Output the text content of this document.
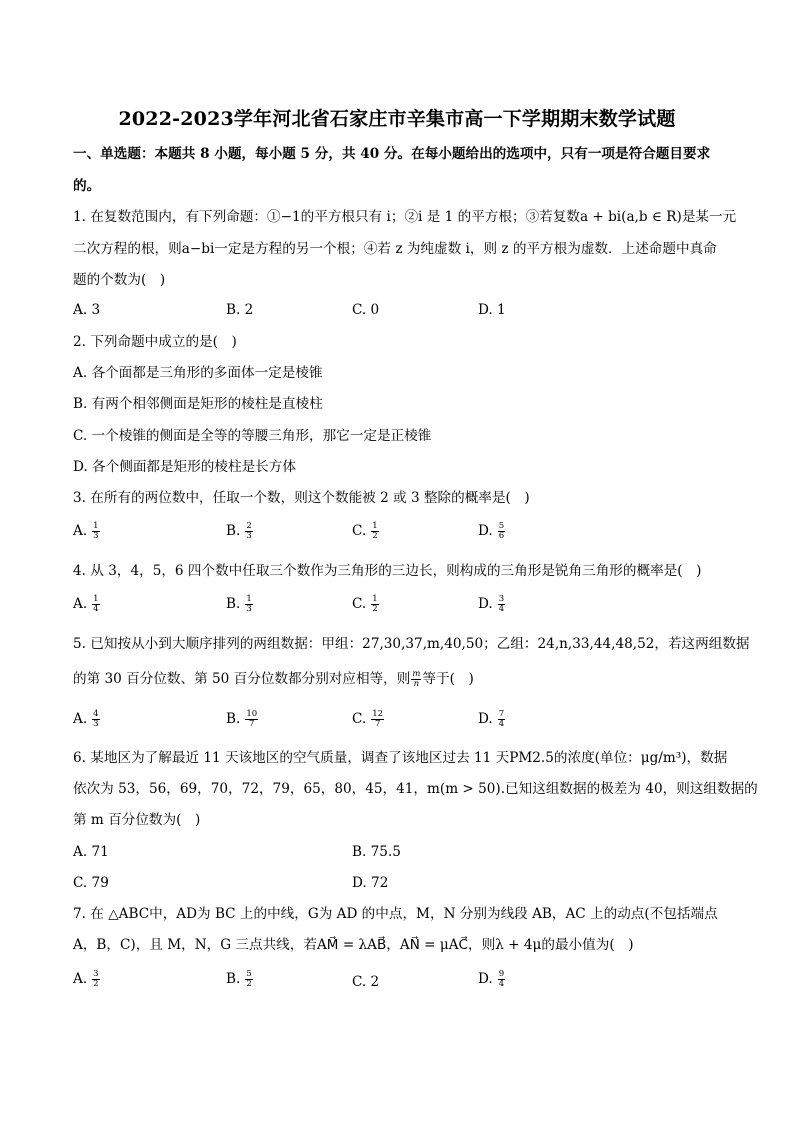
2022-2023学年河北省石家庄市辛集市高一下学期期末数学试题
一、单选题：本题共 8 小题，每小题 5 分，共 40 分。在每小题给出的选项中，只有一项是符合题目要求
的。
1. 在复数范围内，有下列命题：①−1的平方根只有 i；②i 是 1 的平方根；③若复数a + bi(a,b ∈ R)是某一元
二次方程的根，则a−bi一定是方程的另一个根；④若 z 为纯虚数 i，则 z 的平方根为虚数．上述命题中真命
题的个数为(　)
A. 3	B. 2	C. 0	D. 1
2. 下列命题中成立的是(　)
A. 各个面都是三角形的多面体一定是棱锥
B. 有两个相邻侧面是矩形的棱柱是直棱柱
C. 一个棱锥的侧面是全等的等腰三角形，那它一定是正棱锥
D. 各个侧面都是矩形的棱柱是长方体
3. 在所有的两位数中，任取一个数，则这个数能被 2 或 3 整除的概率是(　)
A. $\frac{1}{3}$	B. $\frac{2}{3}$	C. $\frac{1}{2}$	D. $\frac{5}{6}$
4. 从 3，4，5，6 四个数中任取三个数作为三角形的三边长，则构成的三角形是锐角三角形的概率是(　)
A. $\frac{1}{4}$	B. $\frac{1}{3}$	C. $\frac{1}{2}$	D. $\frac{3}{4}$
5. 已知按从小到大顺序排列的两组数据：甲组：27,30,37,m,40,50；乙组：24,n,33,44,48,52，若这两组数据
的第 30 百分位数、第 50 百分位数都分别对应相等，则 $\frac{m}{n}$ 等于(　)
A. $\frac{4}{3}$	B. $\frac{10}{7}$	C. $\frac{12}{7}$	D. $\frac{7}{4}$
6. 某地区为了解最近 11 天该地区的空气质量，调查了该地区过去 11 天PM2.5的浓度(单位：μg/m³)，数据
依次为 53，56，69，70，72，79，65，80，45，41，m(m > 50).已知这组数据的极差为 40，则这组数据的
第 m 百分位数为(　)
A. 71	B. 75.5
C. 79	D. 72
7. 在 △ABC中，AD为 BC 上的中线，G为 AD 的中点，M，N 分别为线段 AB，AC 上的动点(不包括端点
A，B，C)，且 M，N，G 三点共线，若AM⃗ = λAB⃗，AN⃗ = μAC⃗，则λ + 4μ的最小值为(　)
A. $\frac{3}{2}$	B. $\frac{5}{2}$	C. 2	D. $\frac{9}{4}$
